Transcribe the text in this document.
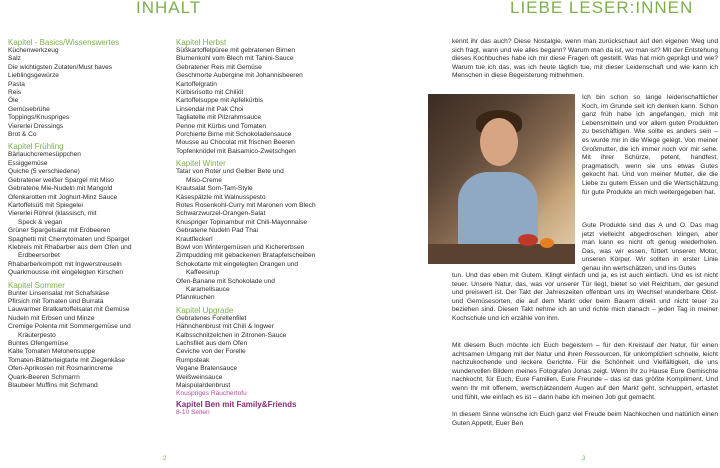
INHALT
Kapitel - Basics/Wissenswertes
Küchenwerkzeug
Salz
Die wichtigsten Zutaten/Must haves
Lieblingsgewürze
Pasta
Reis
Öle
Gemüsebrühe
Toppings/Knuspriges
Viererlei Dressings
Brot & Co
Kapitel Frühling
Bärlauchcremesüppchen
Essiggemüse
Quiche (5 verschiedene)
Gebratener weißer Spargel mit Miso
Gebratene Mie-Nudeln mit Mangold
Ofenkarotten mit Joghurt-Minz Sauce
Kartoffelsüß mit Spiegelei
Viererlei Röhrel (klassisch, mit
Speck & vegan
Grüner Spargelsalat mit Erdbeeren
Spaghetti mit Cherrytomaten und Spargel
Klebreis mit Rhabarber aus dem Ofen und
Erdbeersorbet
Rhabarberkompott mit Ingwerstreuseln
Quarkmousse mit eingelegten Kirschen
Kapitel Sommer
Bunter Linsensalat mit Schafskäse
Pfirsich mit Tomaten und Burrata
Lauwarmer Bratkartoffelsalat mit Gemüse
Nudeln mit Erbsen und Minze
Cremige Polenta mit Sommergemüse und
Kräuterpesto
Buntes Ofengemüse
Kalte Tomaten Melonensuppe
Tomaten-Blätterteigtarte mit Ziegenkäse
Ofen-Aprikosen mit Rosmarincreme
Quark-Beeren Schmarrn
Blaubeer Muffins mit Schmand
Kapitel Herbst
Süßkartoffelpüree mit gebratenen Birnen
Blumenkohl vom Blech mit Tahini-Sauce
Gebratener Reis mit Gemüse
Geschmorte Aubergine mit Johannisbeeren
Kartoffelgratin
Kürbisrisotto mit Chiliöl
Kartoffelsuppe mit Apfelkürbis
Linsendal mit Pak Choi
Tagliatelle mit Pilzrahmsauce
Penne mit Kürbis und Tomaten
Porchierte Birne mit Schokoladensauce
Mousse au Chocolat mit frischen Beeren
Topfenknödel mit Balsamico-Zwetschgen
Kapitel Winter
Tatar von Roter und Gelber Bete und
Miso-Creme
Krautsalat Som-Tam-Style
Käsespätzle mit Walnusspesto
Rotes Rosenkohl-Curry mit Maronen vom Blech
Schwarzwurzel-Orangen-Salat
Knuspriger Topinambur mit Chili-Mayonnaise
Gebratene Nudeln Pad Thai
Krautfleckerl
Bowl von Wintergemüsen und Kichererbsen
Zimtpudding mit gebackenen Bratapfelscheiben
Schokotarte mit eingelegten Orangen und
Kaffeesirup
Ofen-Banane mit Schokolade und
Karamellsauce
Pfannkuchen
Kapitel Upgrade
Gebratenes Forellenfilet
Hähnchenbrust mit Chili & Ingwer
Kalbsschnitzelchen in Zitronen-Sauce
Lachsfilet aus dem Ofen
Ceviche von der Forelle
Rumpsteak
Vegane Bratensauce
Weißweinsauce
Maispulardenbrust
Knuspriges Räuchertofu
Kapitel Ben mit Family&Friends
8-10 Seiten
2
LIEBE LESER:INNEN
kennt ihr das auch? Diese Nostalgie, wenn man zurückschaut auf den eigenen Weg und sich fragt, wann und wie alles begann? Warum man da ist, wo man ist? Mit der Entstehung dieses Kochbuches habe ich mir diese Fragen oft gestellt. Was hat mich geprägt und wie? Warum tue ich das, was ich heute täglich tue, mit dieser Leidenschaft und wie kann ich Menschen in diese Begeisterung mitnehmen.
Ich bin schon so lange leidenschaftlicher Koch, im Grunde seit ich denken kann. Schon ganz früh habe ich angefangen, mich mit Lebensmitteln und vor allem guten Produkten zu beschäftigen. Wie sollte es anders sein – es wurde mir in die Wiege gelegt. Von meiner Großmutter, die ich immer noch vor mir sehe. Mit ihrer Schürze, petent, handfest, pragmatisch, wenn sie uns etwas Gutes gekocht hat. Und von meiner Mutter, die die Liebe zu gutem Essen und die Wertschätzung für gute Produkte an mich weitergegeben hat.
Gute Produkte sind das A und O. Das mag jetzt vielleicht abgedroschen klingen, aber man kann es nicht oft genug wiederholen. Das, was wir essen, füttert unseren Motor, unseren Körper. Wir sollten in erster Linie genau ihn wertschätzen, und ins Gutes
tun. Und das eben mit Gutem. Klingt einfach und ja, es ist auch einfach. Und es ist nicht teuer. Unsere Natur, das, was vor unserer Tür liegt, bietet so viel Reichtum, der gesund und preiswert ist. Der Takt der Jahreszeiten offenbart uns im Wechsel wunderbare Obst- und Gemüsesorten, die auf dem Markt oder beim Bauern direkt und nicht teuer zu beziehen sind. Diesen Takt nehme ich an und richte mich danach – jeden Tag in meiner Kochschule und ich erzähle von ihm.
Mit diesem Buch möchte ich Euch begeistern – für den Kreislauf der Natur, für einen achtsamen Umgang mit der Natur und ihren Ressourcen, für unkompliziert schnelle, leicht nachzukochende und leckere Gerichte. Für die Schönheit und Vielfältigkeit, die uns wundervollen Bildern meines Fotografen Jonas zeigt. Wenn Ihr zu Hause Eure Gemischte nachkocht, für Euch, Eure Familien, Eure Freunde – das ist das größte Kompliment. Und wenn Ihr mit offenem, wertschätzendem Augen auf den Markt geht, schnuppert, ertastet und fühlt, wie einfach es ist – dann habe ich meinen Job gut gemacht.
In diesem Sinne wünsche ich Euch ganz viel Freude beim Nachkochen und natürlich einen Guten Appetit, Euer Ben
3
